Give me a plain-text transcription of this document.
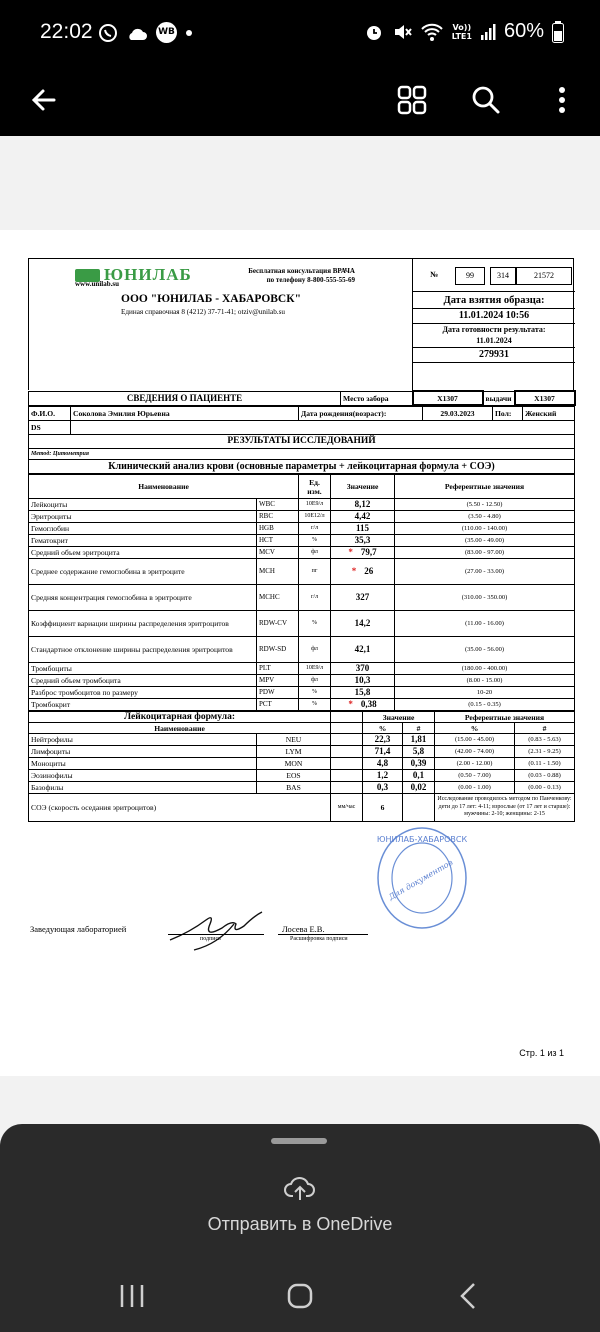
22:02	WB	Vo))
LTE1 60%
ЮНИЛАБ
www.unilab.su
Бесплатная консультация ВРАЧА
по телефону 8-800-555-55-69
ООО "ЮНИЛАБ - ХАБАРОВСК"
Единая справочная 8 (4212) 37-71-41; otziv@unilab.su
№	99	314	21572
Дата взятия образца:
11.01.2024 10:56
Дата готовности результата:
11.01.2024
279931
СВЕДЕНИЯ О ПАЦИЕНТЕ	Место забора	X1307	выдачи	X1307
Ф.И.О.	Соколова Эмилия Юрьевна	Дата рождения(возраст):	29.03.2023	Пол:	Женский
DS					
РЕЗУЛЬТАТЫ ИССЛЕДОВАНИЙ					
Метод: Цитометрия					
Клинический анализ крови (основные параметры + лейкоцитарная формула + СОЭ)					
Наименование		Ед. изм.	Значение	Референтные значения
Лейкоциты	WBC	10E9/л	8,12	(5.50 - 12.50)
Эритроциты	RBC	10E12/л	4,42	(3.50 - 4.80)
Гемоглобин	HGB	г/л	115	(110.00 - 140.00)
Гематокрит	HCT	%	35,3	(35.00 - 49.00)
Средний объем эритроцита	MCV	фл	* 79,7	(83.00 - 97.00)
Среднее содержание гемоглобина в эритроците	MCH	пг	* 26	(27.00 - 33.00)
Средняя концентрация гемоглобина в эритроците	MCHC	г/л	327	(310.00 - 350.00)
Коэффициент вариации ширины распределения эритроцитов	RDW-CV	%	14,2	(11.00 - 16.00)
Стандартное отклонение ширины распределения эритроцитов	RDW-SD	фл	42,1	(35.00 - 56.00)
Тромбоциты	PLT	10E9/л	370	(180.00 - 400.00)
Средний объем тромбоцита	MPV	фл	10,3	(8.00 - 15.00)
Разброс тромбоцитов по размеру	PDW	%	15,8	10-20
Тромбокрит	PCT	%	* 0,38	(0.15 - 0.35)
Лейкоцитарная формула:			Значение		Референтные значения	
Наименование			%	#	%	#
Нейтрофилы	NEU		22,3	1,81	(15.00 - 45.00)	(0.83 - 5.63)
Лимфоциты	LYM		71,4	5,8	(42.00 - 74.00)	(2.31 - 9.25)
Моноциты	MON		4,8	0,39	(2.00 - 12.00)	(0.11 - 1.50)
Эозинофилы	EOS		1,2	0,1	(0.50 - 7.00)	(0.03 - 0.88)
Базофилы	BAS		0,3	0,02	(0.00 - 1.00)	(0.00 - 0.13)
СОЭ (скорость оседания эритроцитов)		мм/час	6		Исследование проводилось методом по Панченкову: дети до 17 лет: 4-11; взрослые (от 17 лет и старше): мужчины: 2-10; женщины: 2-15	
Заведующая лабораторией
подпись
Лосева Е.В.
Расшифровка подписи
ЮНИЛАБ-ХАБАРОВСК
Для документов
Стр. 1 из 1
Отправить в OneDrive
